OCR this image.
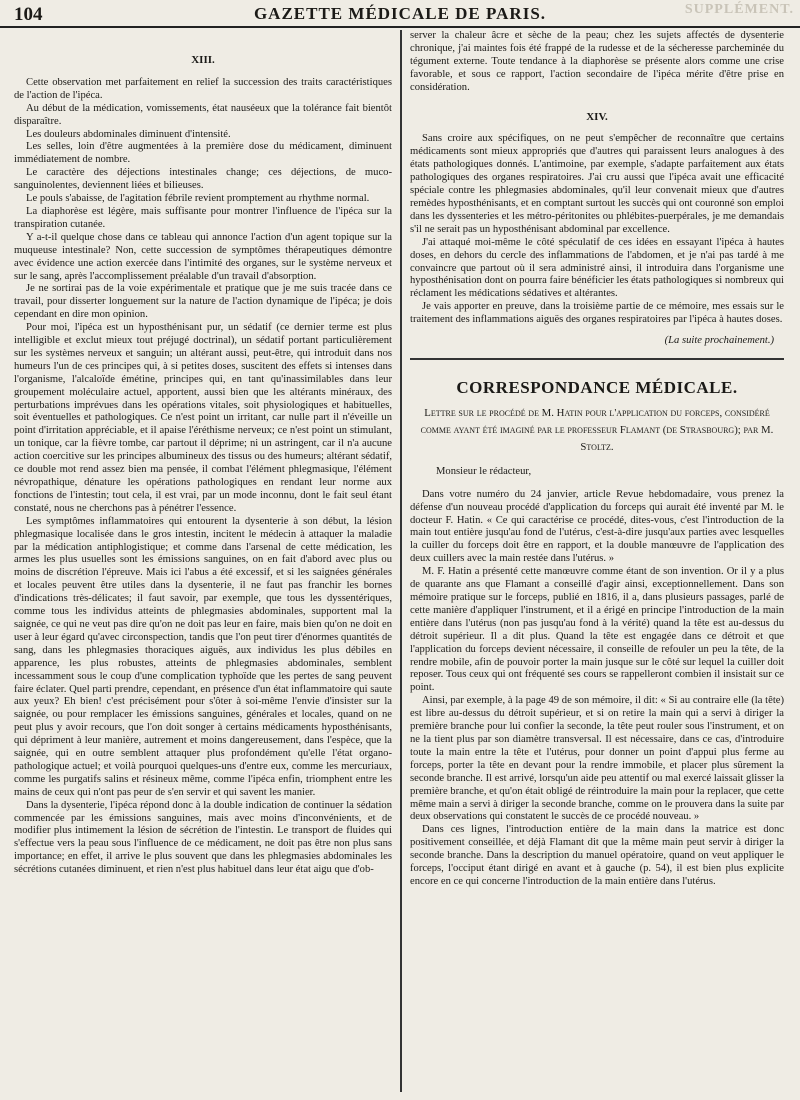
104	GAZETTE MÉDICALE DE PARIS.	SUPPLÉMENT.
XIII.

Cette observation met parfaitement en relief la succession des traits caractéristiques de l'action de l'ipéca.

Au début de la médication, vomissements, état nauséeux que la tolérance fait bientôt disparaître.

Les douleurs abdominales diminuent d'intensité.

Les selles, loin d'être augmentées à la première dose du médicament, diminuent immédiatement de nombre.

Le caractère des déjections intestinales change; ces déjections, de muco-sanguinolentes, deviennent liées et bilieuses.

Le pouls s'abaisse, de l'agitation fébrile revient promptement au rhythme normal.

La diaphorèse est légère, mais suffisante pour montrer l'influence de l'ipéca sur la transpiration cutanée.

Y a-t-il quelque chose dans ce tableau qui annonce l'action d'un agent topique sur la muqueuse intestinale? Non, cette succession de symptômes thérapeutiques démontre avec évidence une action exercée dans l'intimité des organes, sur le système nerveux et sur le sang, après l'accomplissement préalable d'un travail d'absorption.

Je ne sortirai pas de la voie expérimentale et pratique que je me suis tracée dans ce travail, pour disserter longuement sur la nature de l'action dynamique de l'ipéca; je dois cependant en dire mon opinion.

Pour moi, l'ipéca est un hyposthénisant pur, un sédatif (ce dernier terme est plus intelligible et exclut mieux tout préjugé doctrinal), un sédatif portant particulièrement sur les systèmes nerveux et sanguin; un altérant aussi, peut-être, qui introduit dans nos humeurs l'un de ces principes qui, à si petites doses, suscitent des effets si intenses dans l'organisme, l'alcaloïde émétine, principes qui, en tant qu'inassimilables dans leur groupement moléculaire actuel, apportent, aussi bien que les altérants minéraux, des perturbations imprévues dans les opérations vitales, soit physiologiques et habituelles, soit éventuelles et pathologiques. Ce n'est point un irritant, car nulle part il n'éveille un point d'irritation appréciable, et il apaise l'éréthisme nerveux; ce n'est point un stimulant, un tonique, car la fièvre tombe, car partout il déprime; ni un astringent, car il n'a aucune action coercitive sur les principes albumineux des tissus ou des humeurs; altérant sédatif, ce double mot rend assez bien ma pensée, il combat l'élément phlegmasique, l'élément névropathique, dénature les opérations pathologiques en rendant leur norme aux fonctions de l'intestin; tout cela, il est vrai, par un mode inconnu, dont le fait seul étant constaté, nous ne cherchons pas à pénétrer l'essence.

Les symptômes inflammatoires qui entourent la dysenterie à son début, la lésion phlegmasique localisée dans le gros intestin, incitent le médecin à attaquer la maladie par la médication antiphlogistique; et comme dans l'arsenal de cette médication, les armes les plus usuelles sont les émissions sanguines, on en fait d'abord avec plus ou moins de discrétion l'épreuve. Mais ici l'abus a été excessif, et si les saignées générales et locales peuvent être utiles dans la dysenterie, il ne faut pas franchir les bornes d'indications très-délicates; il faut savoir, par exemple, que tous les dyssentériques, comme tous les individus atteints de phlegmasies abdominales, supportent mal la saignée, ce qui ne veut pas dire qu'on ne doit pas leur en faire, mais bien qu'on ne doit en user à leur égard qu'avec circonspection, tandis que l'on peut tirer d'énormes quantités de sang, dans les phlegmasies thoraciques aiguës, aux individus les plus débiles en apparence, les plus robustes, atteints de phlegmasies abdominales, semblent incessamment sous le coup d'une complication typhoïde que les pertes de sang peuvent faire éclater. Quel parti prendre, cependant, en présence d'un état inflammatoire qui saute aux yeux? Eh bien! c'est précisément pour s'ôter à soi-même l'envie d'insister sur la saignée, ou pour remplacer les émissions sanguines, générales et locales, quand on ne peut plus y avoir recours, que l'on doit songer à certains médicaments hyposthénisants, qui dépriment à leur manière, autrement et moins dangereusement, dans l'espèce, que la saignée, qui en outre semblent attaquer plus profondément qu'elle l'état organo-pathologique actuel; et voilà pourquoi quelques-uns d'entre eux, comme les mercuriaux, comme les purgatifs salins et résineux même, comme l'ipéca enfin, triomphent entre les mains de ceux qui n'ont pas peur de s'en servir et qui savent les manier.

Dans la dysenterie, l'ipéca répond donc à la double indication de continuer la sédation commencée par les émissions sanguines, mais avec moins d'inconvénients, et de modifier plus intimement la lésion de sécrétion de l'intestin. Le transport de fluides qui s'effectue vers la peau sous l'influence de ce médicament, ne doit pas être non plus sans importance; en effet, il arrive le plus souvent que dans les phlegmasies abdominales les sécrétions cutanées diminuent, et rien n'est plus habituel dans leur état aigu que d'ob-

server la chaleur âcre et sèche de la peau; chez les sujets affectés de dysenterie chronique, j'ai maintes fois été frappé de la rudesse et de la sécheresse parcheminée du tégument externe. Toute tendance à la diaphorèse se présente alors comme une crise favorable, et sous ce rapport, l'action secondaire de l'ipéca mérite d'être prise en considération.

XIV.

Sans croire aux spécifiques, on ne peut s'empêcher de reconnaître que certains médicaments sont mieux appropriés que d'autres qui paraissent leurs analogues à des états pathologiques donnés. L'antimoine, par exemple, s'adapte parfaitement aux états pathologiques des organes respiratoires. J'ai cru aussi que l'ipéca avait une efficacité spéciale contre les phlegmasies abdominales, qu'il leur convenait mieux que d'autres remèdes hyposthénisants, et en comptant surtout les succès qui ont couronné son emploi dans les dyssenteries et les métro-péritonites ou phlébites-puerpérales, je me demandais s'il ne serait pas un hyposthénisant abdominal par excellence.

J'ai attaqué moi-même le côté spéculatif de ces idées en essayant l'ipéca à hautes doses, en dehors du cercle des inflammations de l'abdomen, et je n'ai pas tardé à me convaincre que partout où il sera administré ainsi, il introduira dans l'organisme une hyposthénisation dont on pourra faire bénéficier les états pathologiques si nombreux qui réclament les médications sédatives et altérantes.

Je vais apporter en preuve, dans la troisième partie de ce mémoire, mes essais sur le traitement des inflammations aiguës des organes respiratoires par l'ipéca à hautes doses.

(La suite prochainement.)

CORRESPONDANCE MÉDICALE.
Lettre sur le procédé de M. Hatin pour l'application du forceps, considéré comme ayant été imaginé par le professeur Flamant (de Strasbourg); par M. Stoltz.

Monsieur le rédacteur,

Dans votre numéro du 24 janvier, article Revue hebdomadaire, vous prenez la défense d'un nouveau procédé d'application du forceps qui aurait été inventé par M. le docteur F. Hatin. « Ce qui caractérise ce procédé, dites-vous, c'est l'introduction de la main tout entière jusqu'au fond de l'utérus, c'est-à-dire jusqu'aux parties avec lesquelles la cuiller du forceps doit être en rapport, et la double manœuvre de l'application des deux cuillers avec la main restée dans l'utérus. »

M. F. Hatin a présenté cette manœuvre comme étant de son invention. Or il y a plus de quarante ans que Flamant a conseillé d'agir ainsi, exceptionnellement. Dans son mémoire pratique sur le forceps, publié en 1816, il a, dans plusieurs passages, parlé de cette manière d'appliquer l'instrument, et il a érigé en principe l'introduction de la main entière dans l'utérus (non pas jusqu'au fond à la vérité) quand la tête est au-dessus du détroit supérieur. Il a dit plus. Quand la tête est engagée dans ce détroit et que l'application du forceps devient nécessaire, il conseille de refouler un peu la tête, de la rendre mobile, afin de pouvoir porter la main jusque sur le côté sur lequel la cuiller doit reposer. Tous ceux qui ont fréquenté ses cours se rappelleront combien il insistait sur ce point.

Ainsi, par exemple, à la page 49 de son mémoire, il dit: « Si au contraire elle (la tête) est libre au-dessus du détroit supérieur, et si on retire la main qui a servi à diriger la première branche pour lui confier la seconde, la tête peut rouler sous l'instrument, et on ne la tient plus par son diamètre transversal. Il est nécessaire, dans ce cas, d'introduire toute la main entre la tête et l'utérus, pour donner un point d'appui plus ferme au forceps, porter la tête en devant pour la rendre immobile, et placer plus sûrement la seconde branche. Il est arrivé, lorsqu'un aide peu attentif ou mal exercé laissait glisser la première branche, et qu'on était obligé de réintroduire la main pour la replacer, que cette même main a servi à diriger la seconde branche, comme on le prouvera dans la suite par deux observations qui constatent le succès de ce procédé nouveau. »

Dans ces lignes, l'introduction entière de la main dans la matrice est donc positivement conseillée, et déjà Flamant dit que la même main peut servir à diriger la seconde branche. Dans la description du manuel opératoire, quand on veut appliquer le forceps, l'occiput étant dirigé en avant et à gauche (p. 54), il est bien plus explicite encore en ce qui concerne l'introduction de la main entière dans l'utérus.
